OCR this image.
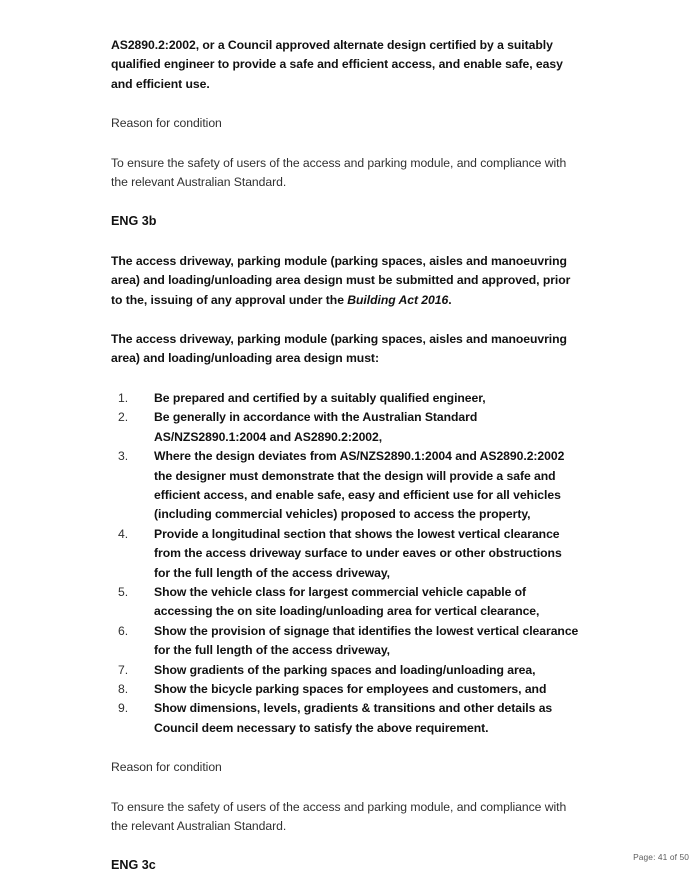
AS2890.2:2002, or a Council approved alternate design certified by a suitably qualified engineer to provide a safe and efficient access, and enable safe, easy and efficient use.

Reason for condition

To ensure the safety of users of the access and parking module, and compliance with the relevant Australian Standard.

ENG 3b

The access driveway, parking module (parking spaces, aisles and manoeuvring area) and loading/unloading area design must be submitted and approved, prior to the, issuing of any approval under the Building Act 2016.

The access driveway, parking module (parking spaces, aisles and manoeuvring area) and loading/unloading area design must:

1.	Be prepared and certified by a suitably qualified engineer,
2.	Be generally in accordance with the Australian Standard AS/NZS2890.1:2004 and AS2890.2:2002,
3.	Where the design deviates from AS/NZS2890.1:2004 and AS2890.2:2002 the designer must demonstrate that the design will provide a safe and efficient access, and enable safe, easy and efficient use for all vehicles (including commercial vehicles) proposed to access the property,
4.	Provide a longitudinal section that shows the lowest vertical clearance from the access driveway surface to under eaves or other obstructions for the full length of the access driveway,
5.	Show the vehicle class for largest commercial vehicle capable of accessing the on site loading/unloading area for vertical clearance,
6.	Show the provision of signage that identifies the lowest vertical clearance for the full length of the access driveway,
7.	Show gradients of the parking spaces and loading/unloading area,
8.	Show the bicycle parking spaces for employees and customers, and
9.	Show dimensions, levels, gradients & transitions and other details as Council deem necessary to satisfy the above requirement.

Reason for condition

To ensure the safety of users of the access and parking module, and compliance with the relevant Australian Standard.

ENG 3c
Page: 41 of 50
